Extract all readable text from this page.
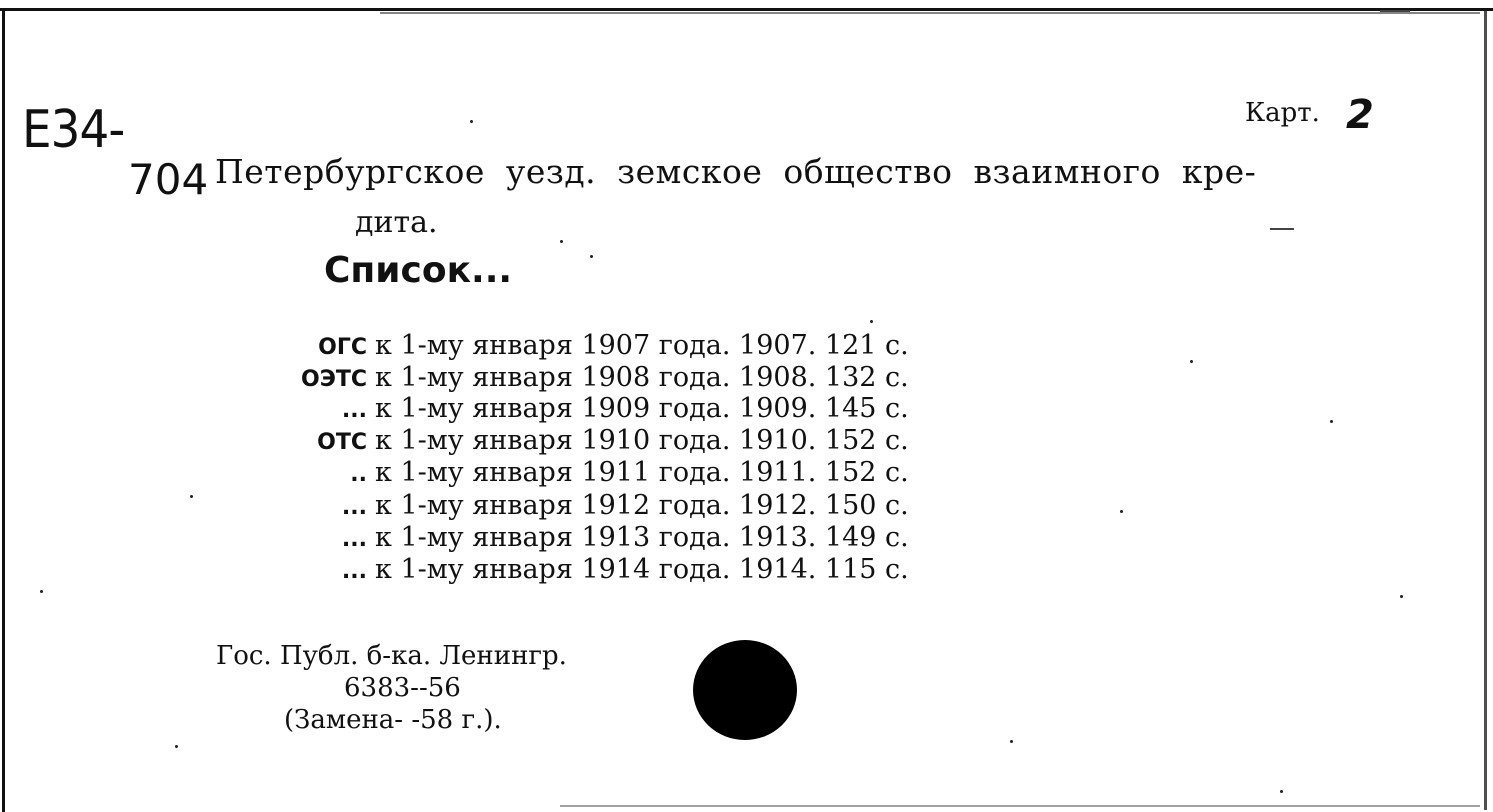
Е34-
704
Карт. 2
Петербургское уезд. земское общество взаимного кре-
дита.
Список...
ОГС к 1-му января 1907 года. 1907. 121 с.
ОЭТС к 1-му января 1908 года. 1908. 132 с.
... к 1-му января 1909 года. 1909. 145 с.
ОТС к 1-му января 1910 года. 1910. 152 с.
.. к 1-му января 1911 года. 1911. 152 с.
... к 1-му января 1912 года. 1912. 150 с.
... к 1-му января 1913 года. 1913. 149 с.
... к 1-му января 1914 года. 1914. 115 с.
Гос. Публ. б-ка. Ленингр.
6383--56
(Замена- -58 г.).
